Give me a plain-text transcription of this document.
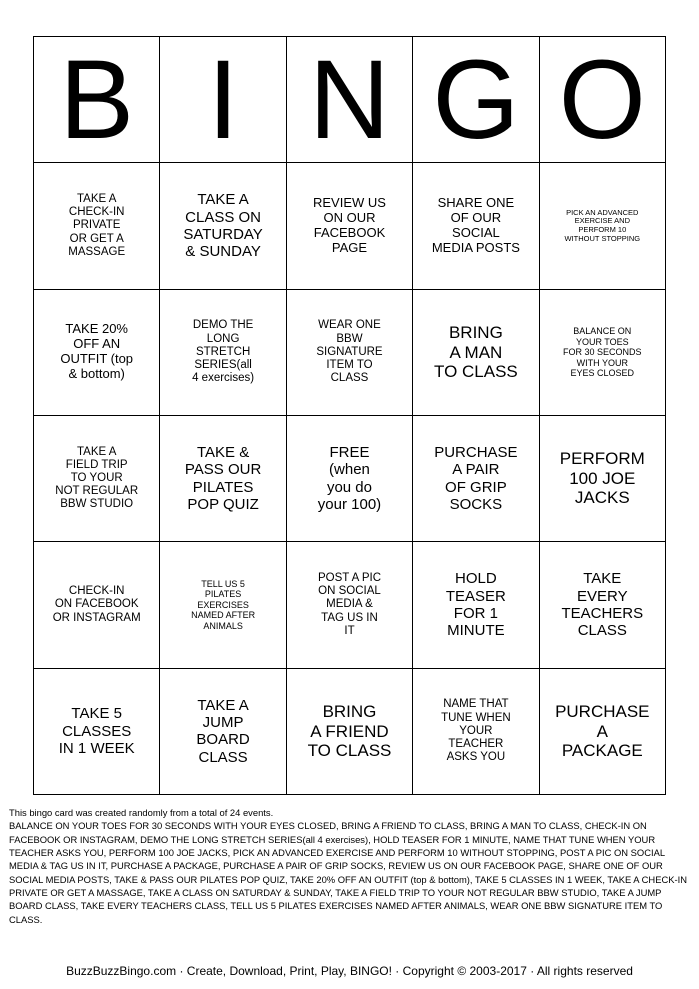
B I N G O
TAKE A
CHECK-IN
PRIVATE
OR GET A
MASSAGE
TAKE A
CLASS ON
SATURDAY
& SUNDAY
REVIEW US
ON OUR
FACEBOOK
PAGE
SHARE ONE
OF OUR
SOCIAL
MEDIA POSTS
PICK AN ADVANCED
EXERCISE AND
PERFORM 10
WITHOUT STOPPING
TAKE 20%
OFF AN
OUTFIT (top
& bottom)
DEMO THE
LONG
STRETCH
SERIES(all
4 exercises)
WEAR ONE
BBW
SIGNATURE
ITEM TO
CLASS
BRING
A MAN
TO CLASS
BALANCE ON
YOUR TOES
FOR 30 SECONDS
WITH YOUR
EYES CLOSED
TAKE A
FIELD TRIP
TO YOUR
NOT REGULAR
BBW STUDIO
TAKE &
PASS OUR
PILATES
POP QUIZ
FREE
(when
you do
your 100)
PURCHASE
A PAIR
OF GRIP
SOCKS
PERFORM
100 JOE
JACKS
CHECK-IN
ON FACEBOOK
OR INSTAGRAM
TELL US 5
PILATES
EXERCISES
NAMED AFTER
ANIMALS
POST A PIC
ON SOCIAL
MEDIA &
TAG US IN
IT
HOLD
TEASER
FOR 1
MINUTE
TAKE
EVERY
TEACHERS
CLASS
TAKE 5
CLASSES
IN 1 WEEK
TAKE A
JUMP
BOARD
CLASS
BRING
A FRIEND
TO CLASS
NAME THAT
TUNE WHEN
YOUR
TEACHER
ASKS YOU
PURCHASE
A
PACKAGE
This bingo card was created randomly from a total of 24 events.
BALANCE ON YOUR TOES FOR 30 SECONDS WITH YOUR EYES CLOSED, BRING A FRIEND TO CLASS, BRING A MAN TO CLASS, CHECK-IN ON FACEBOOK OR INSTAGRAM, DEMO THE LONG STRETCH SERIES(all 4 exercises), HOLD TEASER FOR 1 MINUTE, NAME THAT TUNE WHEN YOUR TEACHER ASKS YOU, PERFORM 100 JOE JACKS, PICK AN ADVANCED EXERCISE AND PERFORM 10 WITHOUT STOPPING, POST A PIC ON SOCIAL MEDIA & TAG US IN IT, PURCHASE A PACKAGE, PURCHASE A PAIR OF GRIP SOCKS, REVIEW US ON OUR FACEBOOK PAGE, SHARE ONE OF OUR SOCIAL MEDIA POSTS, TAKE & PASS OUR PILATES POP QUIZ, TAKE 20% OFF AN OUTFIT (top & bottom), TAKE 5 CLASSES IN 1 WEEK, TAKE A CHECK-IN PRIVATE OR GET A MASSAGE, TAKE A CLASS ON SATURDAY & SUNDAY, TAKE A FIELD TRIP TO YOUR NOT REGULAR BBW STUDIO, TAKE A JUMP BOARD CLASS, TAKE EVERY TEACHERS CLASS, TELL US 5 PILATES EXERCISES NAMED AFTER ANIMALS, WEAR ONE BBW SIGNATURE ITEM TO CLASS.
BuzzBuzzBingo.com · Create, Download, Print, Play, BINGO! · Copyright © 2003-2017 · All rights reserved
